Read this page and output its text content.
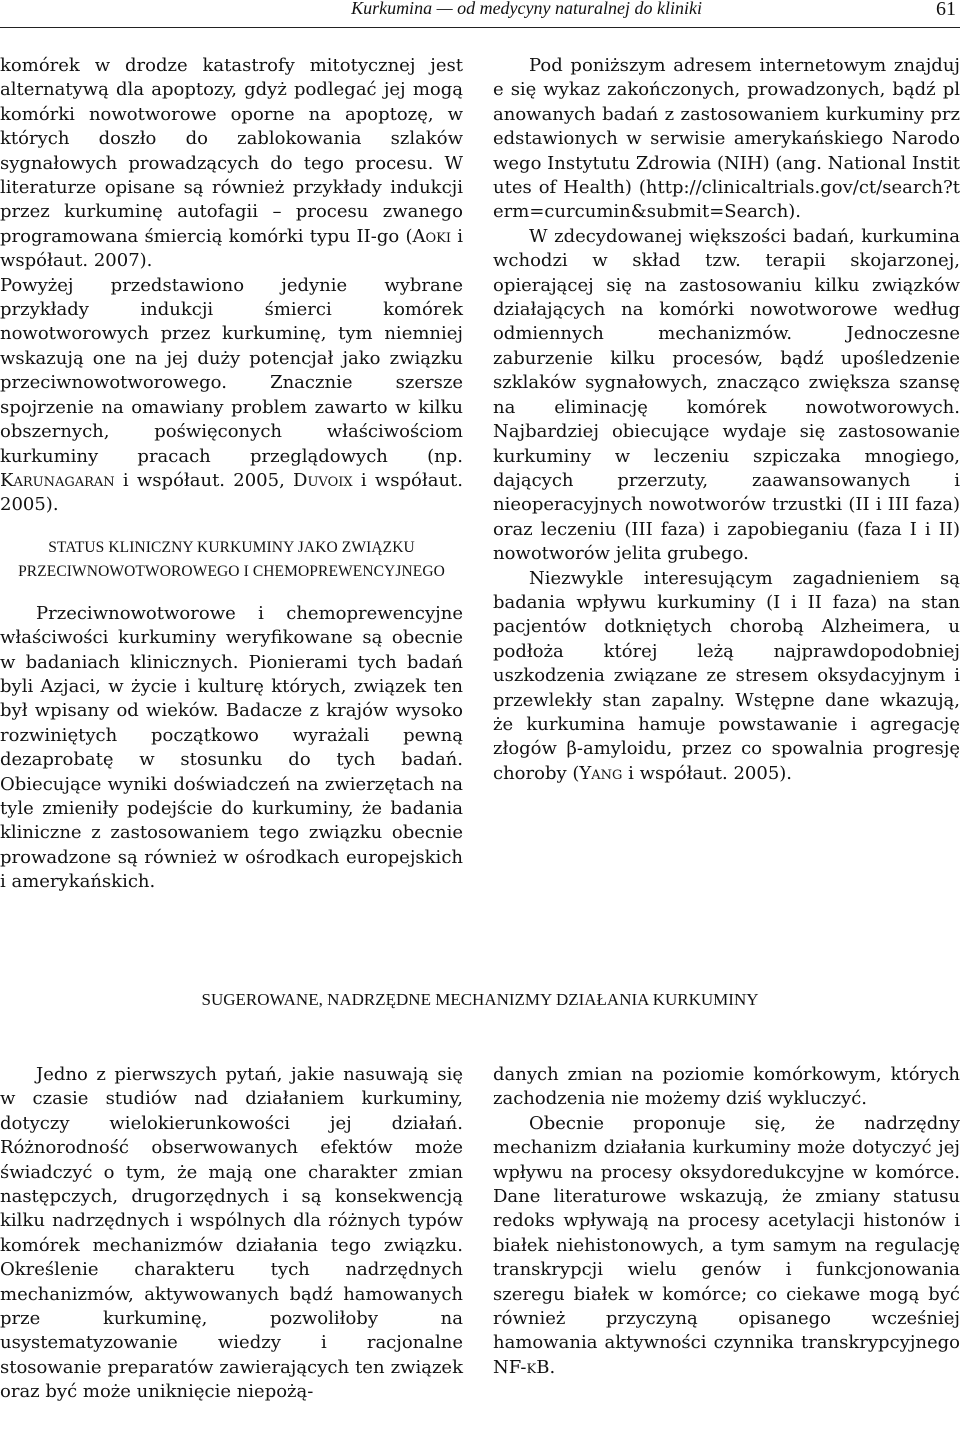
Kurkumina — od medycyny naturalnej do kliniki	61

komórek w drodze katastrofy mitotycznej jest alternatywą dla apoptozy, gdyż podlegać jej mogą komórki nowotworowe oporne na apoptozę, w których doszło do zablokowania szlaków sygnałowych prowadzących do tego procesu. W literaturze opisane są również przykłady indukcji przez kurkuminę autofagii – procesu zwanego programowana śmiercią komórki typu II-go (Aoki i współaut. 2007).

Powyżej przedstawiono jedynie wybrane przykłady indukcji śmierci komórek nowotworowych przez kurkuminę, tym niemniej wskazują one na jej duży potencjał jako związku przeciwnowotworowego. Znacznie szersze spojrzenie na omawiany problem zawarto w kilku obszernych, poświęconych właściwościom kurkuminy pracach przeglądowych (np. Karunagaran i współaut. 2005, Duvoix i współaut. 2005).

STATUS KLINICZNY KURKUMINY JAKO ZWIĄZKU PRZECIWNOWOTWOROWEGO I CHEMOPREWENCYJNEGO

Przeciwnowotworowe i chemoprewencyjne właściwości kurkuminy weryfikowane są obecnie w badaniach klinicznych. Pionierami tych badań byli Azjaci, w życie i kulturę których, związek ten był wpisany od wieków. Badacze z krajów wysoko rozwiniętych początkowo wyrażali pewną dezaprobatę w stosunku do tych badań. Obiecujące wyniki doświadczeń na zwierzętach na tyle zmieniły podejście do kurkuminy, że badania kliniczne z zastosowaniem tego związku obecnie prowadzone są również w ośrodkach europejskich i amerykańskich.

Pod poniższym adresem internetowym znajduje się wykaz zakończonych, prowadzonych, bądź planowanych badań z zastosowaniem kurkuminy przedstawionych w serwisie amerykańskiego Narodowego Instytutu Zdrowia (NIH) (ang. National Institutes of Health) (http://clinicaltrials.gov/ct/search?term=curcumin&submit=Search).

W zdecydowanej większości badań, kurkumina wchodzi w skład tzw. terapii skojarzonej, opierającej się na zastosowaniu kilku związków działających na komórki nowotworowe według odmiennych mechanizmów. Jednoczesne zaburzenie kilku procesów, bądź upośledzenie szklaków sygnałowych, znacząco zwiększa szansę na eliminację komórek nowotworowych. Najbardziej obiecujące wydaje się zastosowanie kurkuminy w leczeniu szpiczaka mnogiego, dających przerzuty, zaawansowanych i nieoperacyjnych nowotworów trzustki (II i III faza) oraz leczeniu (III faza) i zapobieganiu (faza I i II) nowotworów jelita grubego.

Niezwykle interesującym zagadnieniem są badania wpływu kurkuminy (I i II faza) na stan pacjentów dotkniętych chorobą Alzheimera, u podłoża której leżą najprawdopodobniej uszkodzenia związane ze stresem oksydacyjnym i przewlekły stan zapalny. Wstępne dane wkazują, że kurkumina hamuje powstawanie i agregację złogów β-amyloidu, przez co spowalnia progresję choroby (Yang i współaut. 2005).

SUGEROWANE, NADRZĘDNE MECHANIZMY DZIAŁANIA KURKUMINY

Jedno z pierwszych pytań, jakie nasuwają się w czasie studiów nad działaniem kurkuminy, dotyczy wielokierunkowości jej działań. Różnorodność obserwowanych efektów może świadczyć o tym, że mają one charakter zmian następczych, drugorzędnych i są konsekwencją kilku nadrzędnych i wspólnych dla różnych typów komórek mechanizmów działania tego związku. Określenie charakteru tych nadrzędnych mechanizmów, aktywowanych bądź hamowanych prze kurkuminę, pozwoliłoby na usystematyzowanie wiedzy i racjonalne stosowanie preparatów zawierających ten związek oraz być może uniknięcie niepożą-

danych zmian na poziomie komórkowym, których zachodzenia nie możemy dziś wykluczyć.

Obecnie proponuje się, że nadrzędny mechanizm działania kurkuminy może dotyczyć jej wpływu na procesy oksydoredukcyjne w komórce. Dane literaturowe wskazują, że zmiany statusu redoks wpływają na procesy acetylacji histonów i białek niehistonowych, a tym samym na regulację transkrypcji wielu genów i funkcjonowania szeregu białek w komórce; co ciekawe mogą być również przyczyną opisanego wcześniej hamowania aktywności czynnika transkrypcyjnego NF-κB.
